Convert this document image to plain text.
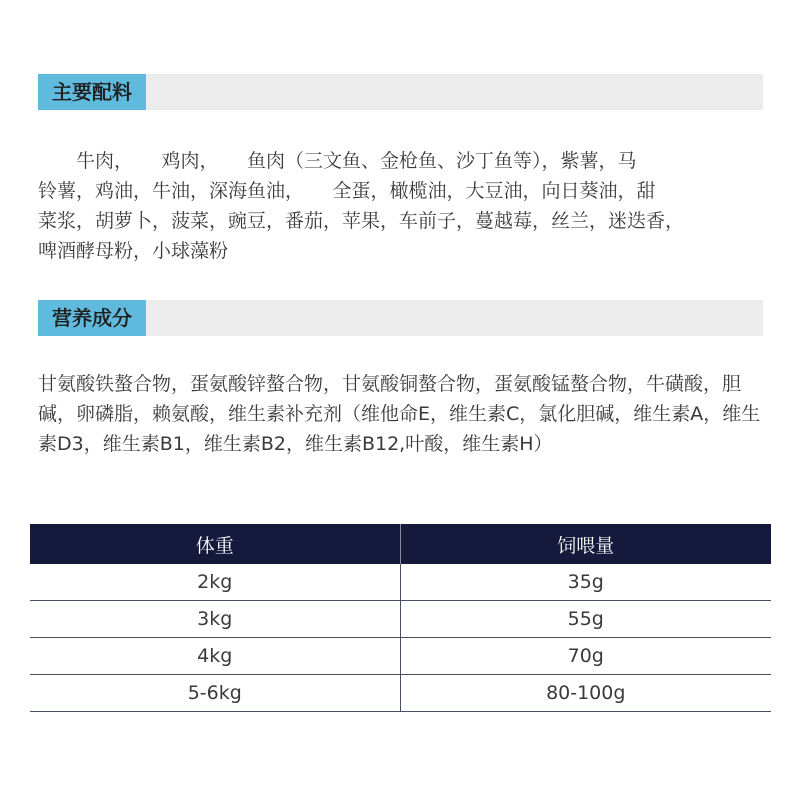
主要配料
　　牛肉，　　鸡肉，　　鱼肉（三文鱼、金枪鱼、沙丁鱼等），紫薯，马
铃薯，鸡油，牛油，深海鱼油，　　全蛋，橄榄油，大豆油，向日葵油，甜
菜浆，胡萝卜，菠菜，豌豆，番茄，苹果，车前子，蔓越莓，丝兰，迷迭香，
啤酒酵母粉，小球藻粉
营养成分

甘氨酸铁螯合物，蛋氨酸锌螯合物，甘氨酸铜螯合物，蛋氨酸锰螯合物，牛磺酸，胆碱，卵磷脂，赖氨酸，维生素补充剂（维他命E，维生素C，氯化胆碱，维生素A，维生素D3，维生素B1，维生素B2，维生素B12,叶酸，维生素H）

体重	饲喂量
2kg	35g
3kg	55g
4kg	70g
5-6kg	80-100g
